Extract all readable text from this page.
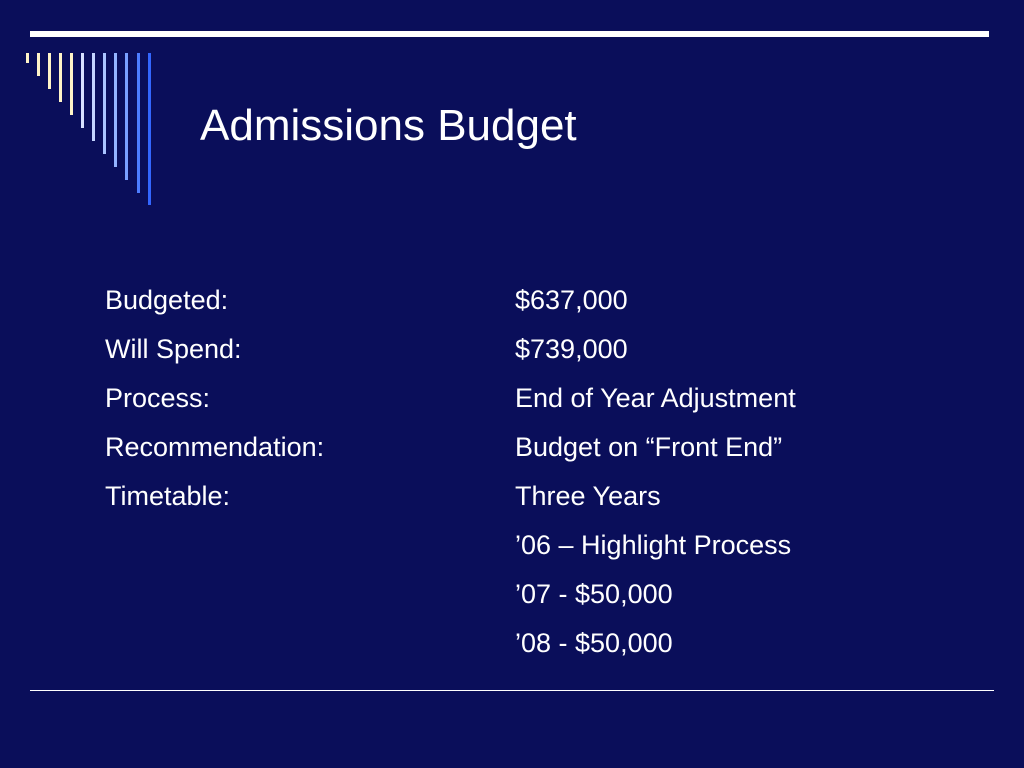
Admissions Budget
Budgeted:	$637,000
Will Spend:	$739,000
Process:	End of Year Adjustment
Recommendation:	Budget on “Front End”
Timetable:	Three Years
’06 – Highlight Process
’07 - $50,000
’08 - $50,000
